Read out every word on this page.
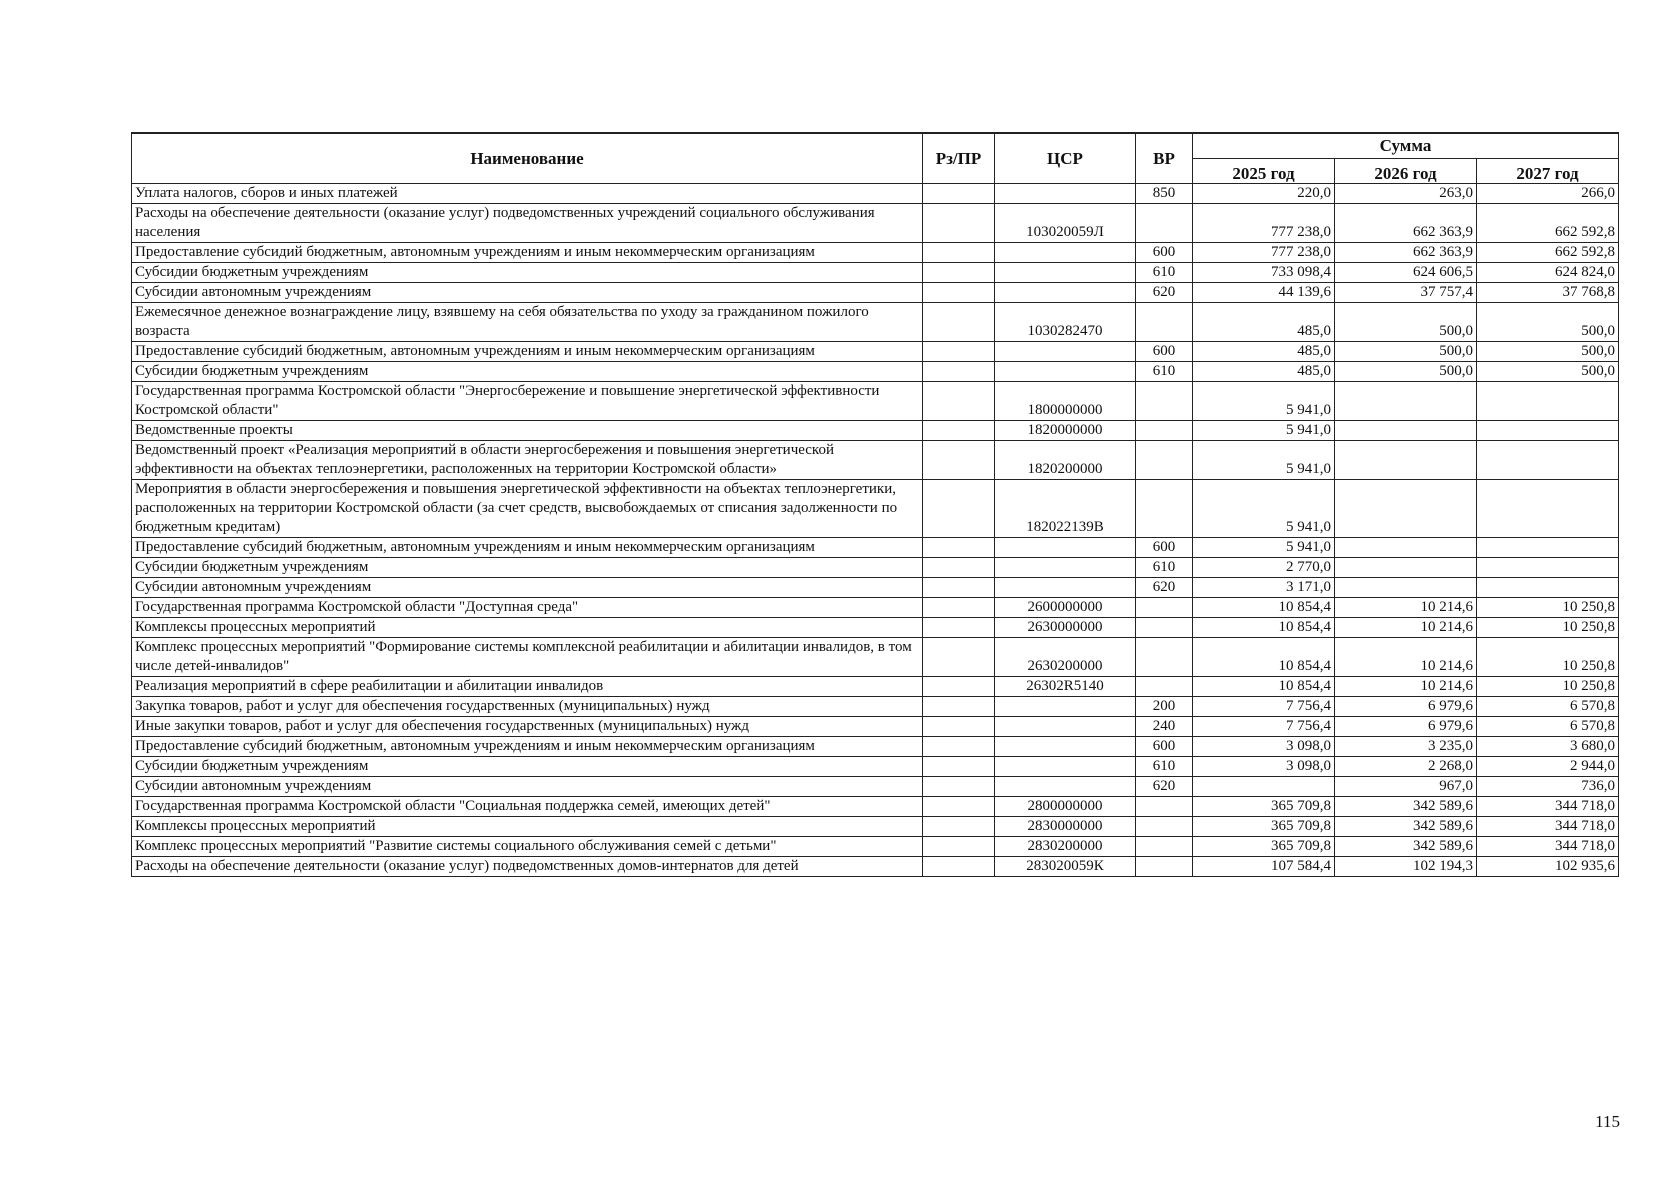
Наименование	Рз/ПР	ЦСР	ВР	Сумма		
				2025 год	2026 год	2027 год
Уплата налогов, сборов и иных платежей			850	220,0	263,0	266,0
Расходы на обеспечение деятельности (оказание услуг) подведомственных учреждений социального обслуживания населения		103020059Л		777 238,0	662 363,9	662 592,8
Предоставление субсидий бюджетным, автономным учреждениям и иным некоммерческим организациям			600	777 238,0	662 363,9	662 592,8
Субсидии бюджетным учреждениям			610	733 098,4	624 606,5	624 824,0
Субсидии автономным учреждениям			620	44 139,6	37 757,4	37 768,8
Ежемесячное денежное вознаграждение лицу, взявшему на себя обязательства по уходу за гражданином пожилого возраста		1030282470		485,0	500,0	500,0
Предоставление субсидий бюджетным, автономным учреждениям и иным некоммерческим организациям			600	485,0	500,0	500,0
Субсидии бюджетным учреждениям			610	485,0	500,0	500,0
Государственная программа Костромской области "Энергосбережение и повышение энергетической эффективности Костромской области"		1800000000		5 941,0		
Ведомственные проекты		1820000000		5 941,0		
Ведомственный проект «Реализация мероприятий в области энергосбережения и повышения энергетической эффективности на объектах теплоэнергетики, расположенных на территории Костромской области»		1820200000		5 941,0		
Мероприятия в области энергосбережения и повышения энергетической эффективности на объектах теплоэнергетики, расположенных на территории Костромской области (за счет средств, высвобождаемых от списания задолженности по бюджетным кредитам)		182022139В		5 941,0		
Предоставление субсидий бюджетным, автономным учреждениям и иным некоммерческим организациям			600	5 941,0		
Субсидии бюджетным учреждениям			610	2 770,0		
Субсидии автономным учреждениям			620	3 171,0		
Государственная программа Костромской области "Доступная среда"		2600000000		10 854,4	10 214,6	10 250,8
Комплексы процессных мероприятий		2630000000		10 854,4	10 214,6	10 250,8
Комплекс процессных мероприятий "Формирование системы комплексной реабилитации и абилитации инвалидов, в том числе детей-инвалидов"		2630200000		10 854,4	10 214,6	10 250,8
Реализация мероприятий в сфере реабилитации и абилитации инвалидов		26302R5140		10 854,4	10 214,6	10 250,8
Закупка товаров, работ и услуг для обеспечения государственных (муниципальных) нужд			200	7 756,4	6 979,6	6 570,8
Иные закупки товаров, работ и услуг для обеспечения государственных (муниципальных) нужд			240	7 756,4	6 979,6	6 570,8
Предоставление субсидий бюджетным, автономным учреждениям и иным некоммерческим организациям			600	3 098,0	3 235,0	3 680,0
Субсидии бюджетным учреждениям			610	3 098,0	2 268,0	2 944,0
Субсидии автономным учреждениям			620		967,0	736,0
Государственная программа Костромской области "Социальная поддержка семей, имеющих детей"		2800000000		365 709,8	342 589,6	344 718,0
Комплексы процессных мероприятий		2830000000		365 709,8	342 589,6	344 718,0
Комплекс процессных мероприятий "Развитие системы социального обслуживания семей с детьми"		2830200000		365 709,8	342 589,6	344 718,0
Расходы на обеспечение деятельности (оказание услуг) подведомственных домов-интернатов для детей		283020059К		107 584,4	102 194,3	102 935,6
115
